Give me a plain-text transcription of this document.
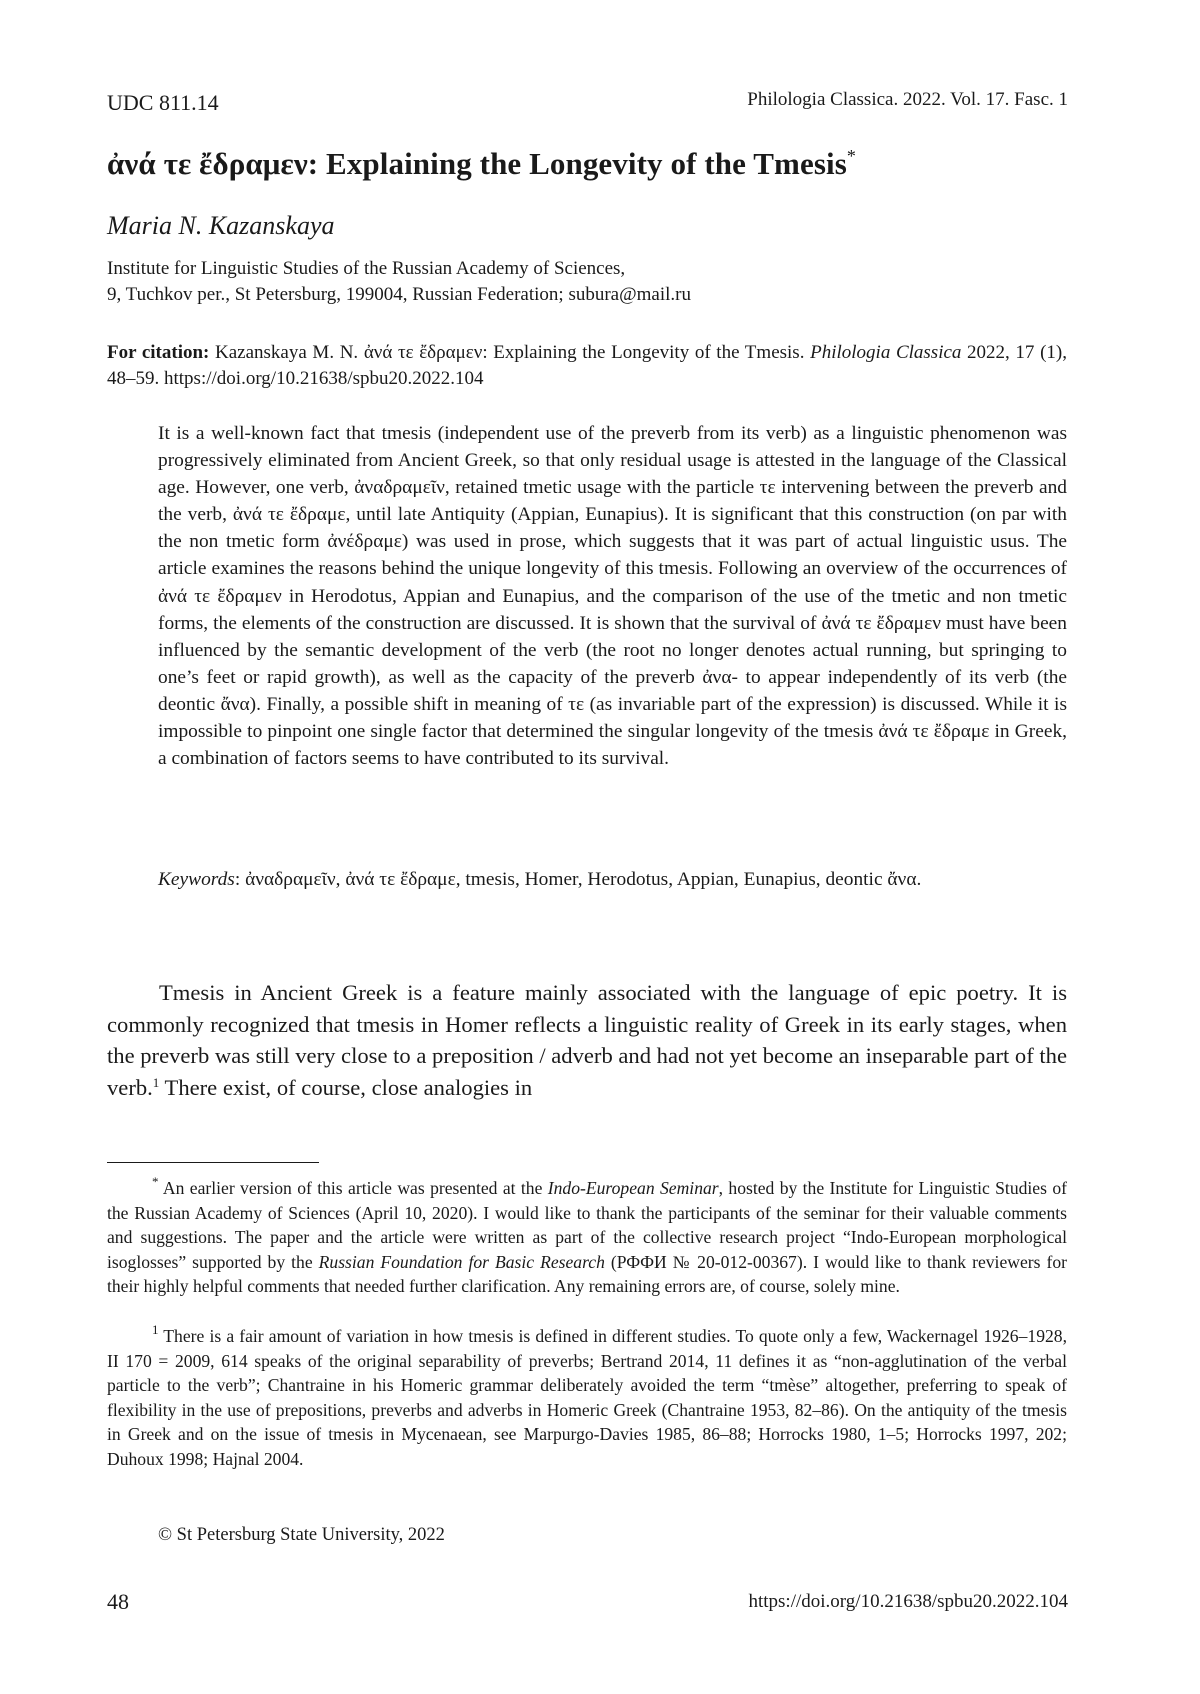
UDC 811.14	Philologia Classica. 2022. Vol. 17. Fasc. 1
ἀνά τε ἔδραμεν: Explaining the Longevity of the Tmesis*
Maria N. Kazanskaya
Institute for Linguistic Studies of the Russian Academy of Sciences,
9, Tuchkov per., St Petersburg, 199004, Russian Federation; subura@mail.ru
For citation: Kazanskaya M. N. ἀνά τε ἔδραμεν: Explaining the Longevity of the Tmesis. Philologia Classica 2022, 17 (1), 48–59. https://doi.org/10.21638/spbu20.2022.104

It is a well-known fact that tmesis (independent use of the preverb from its verb) as a linguistic phenomenon was progressively eliminated from Ancient Greek, so that only residual usage is attested in the language of the Classical age. However, one verb, ἀναδραμεῖν, retained tmetic usage with the particle τε intervening between the preverb and the verb, ἀνά τε ἔδραμε, until late Antiquity (Appian, Eunapius). It is significant that this construction (on par with the non tmetic form ἀνέδραμε) was used in prose, which suggests that it was part of actual linguistic usus. The article examines the reasons behind the unique longevity of this tmesis. Following an overview of the occurrences of ἀνά τε ἔδραμεν in Herodotus, Appian and Eunapius, and the comparison of the use of the tmetic and non tmetic forms, the elements of the construction are discussed. It is shown that the survival of ἀνά τε ἔδραμεν must have been influenced by the semantic development of the verb (the root no longer denotes actual running, but springing to one’s feet or rapid growth), as well as the capacity of the preverb ἀνα- to appear independently of its verb (the deontic ἄνα). Finally, a possible shift in meaning of τε (as invariable part of the expression) is discussed. While it is impossible to pinpoint one single factor that determined the singular longevity of the tmesis ἀνά τε ἔδραμε in Greek, a combination of factors seems to have contributed to its survival.

Keywords: ἀναδραμεῖν, ἀνά τε ἔδραμε, tmesis, Homer, Herodotus, Appian, Eunapius, deontic ἄνα.

Tmesis in Ancient Greek is a feature mainly associated with the language of epic poetry. It is commonly recognized that tmesis in Homer reflects a linguistic reality of Greek in its early stages, when the preverb was still very close to a preposition / adverb and had not yet become an inseparable part of the verb.$^1$ There exist, of course, close analogies in

* An earlier version of this article was presented at the Indo-European Seminar, hosted by the Institute for Linguistic Studies of the Russian Academy of Sciences (April 10, 2020). I would like to thank the participants of the seminar for their valuable comments and suggestions. The paper and the article were written as part of the collective research project “Indo-European morphological isoglosses” supported by the Russian Foundation for Basic Research (РФФИ № 20-012-00367). I would like to thank reviewers for their highly helpful comments that needed further clarification. Any remaining errors are, of course, solely mine.

$^1$ There is a fair amount of variation in how tmesis is defined in different studies. To quote only a few, Wackernagel 1926–1928, II 170 = 2009, 614 speaks of the original separability of preverbs; Bertrand 2014, 11 defines it as “non-agglutination of the verbal particle to the verb”; Chantraine in his Homeric grammar deliberately avoided the term “tmèse” altogether, preferring to speak of flexibility in the use of prepositions, preverbs and adverbs in Homeric Greek (Chantraine 1953, 82–86). On the antiquity of the tmesis in Greek and on the issue of tmesis in Mycenaean, see Marpurgo-Davies 1985, 86–88; Horrocks 1980, 1–5; Horrocks 1997, 202; Duhoux 1998; Hajnal 2004.

© St Petersburg State University, 2022
48	https://doi.org/10.21638/spbu20.2022.104
